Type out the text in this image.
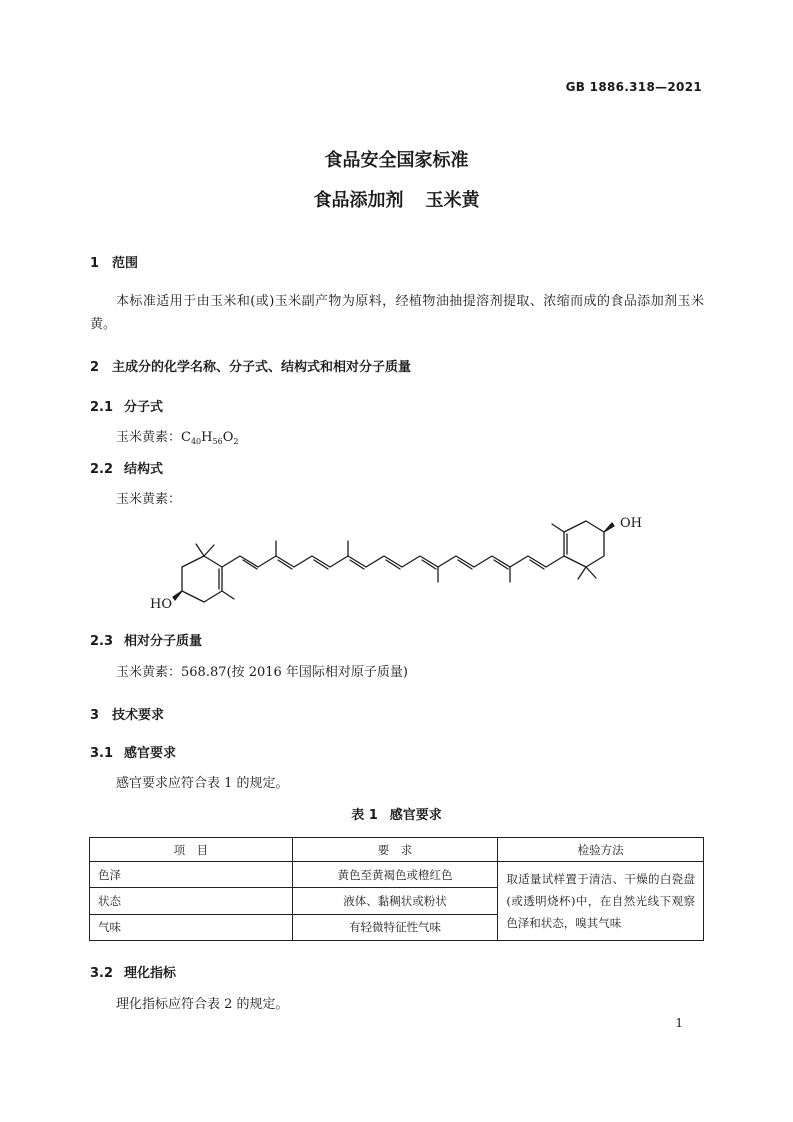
GB 1886.318—2021
食品安全国家标准
食品添加剂 玉米黄
1 范围
本标准适用于由玉米和(或)玉米副产物为原料，经植物油抽提溶剂提取、浓缩而成的食品添加剂玉米黄。
2 主成分的化学名称、分子式、结构式和相对分子质量
2.1 分子式
玉米黄素：$C_{40}H_{56}O_2$
2.2 结构式
玉米黄素：
HO
OH
2.3 相对分子质量
玉米黄素：568.87(按 2016 年国际相对原子质量)
3 技术要求
3.1 感官要求
感官要求应符合表 1 的规定。
表 1 感官要求
项　目	要　求	检验方法
色泽	黄色至黄褐色或橙红色	取适量试样置于清洁、干燥的白瓷盘(或透明烧杯)中，在自然光线下观察色泽和状态，嗅其气味
状态	液体、黏稠状或粉状	
气味	有轻微特征性气味	
3.2 理化指标
理化指标应符合表 2 的规定。
1
